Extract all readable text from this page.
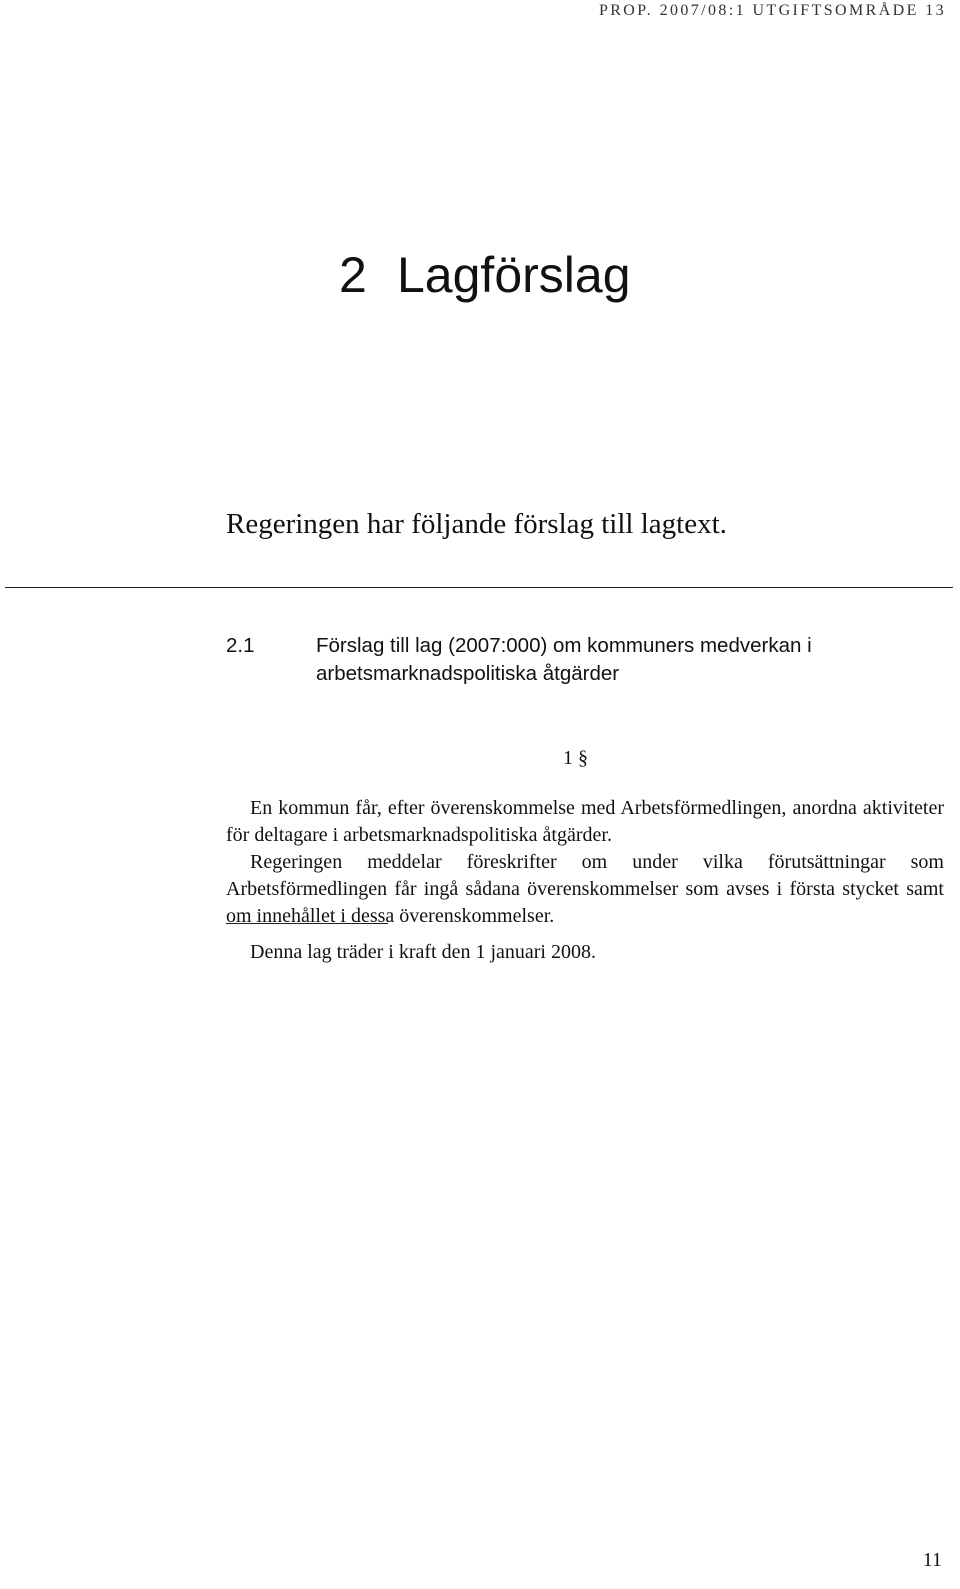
PROP. 2007/08:1 UTGIFTSOMRÅDE 13
2 Lagförslag

Regeringen har följande förslag till lagtext.

2.1	Förslag till lag (2007:000) om kommuners medverkan i arbetsmarknadspolitiska åtgärder
1 §

En kommun får, efter överenskommelse med Arbetsförmedlingen, anordna aktiviteter för deltagare i arbetsmarknadspolitiska åtgärder.

Regeringen meddelar föreskrifter om under vilka förutsättningar som Arbetsförmedlingen får ingå sådana överenskommelser som avses i första stycket samt om innehållet i dessa överenskommelser.

Denna lag träder i kraft den 1 januari 2008.

11
